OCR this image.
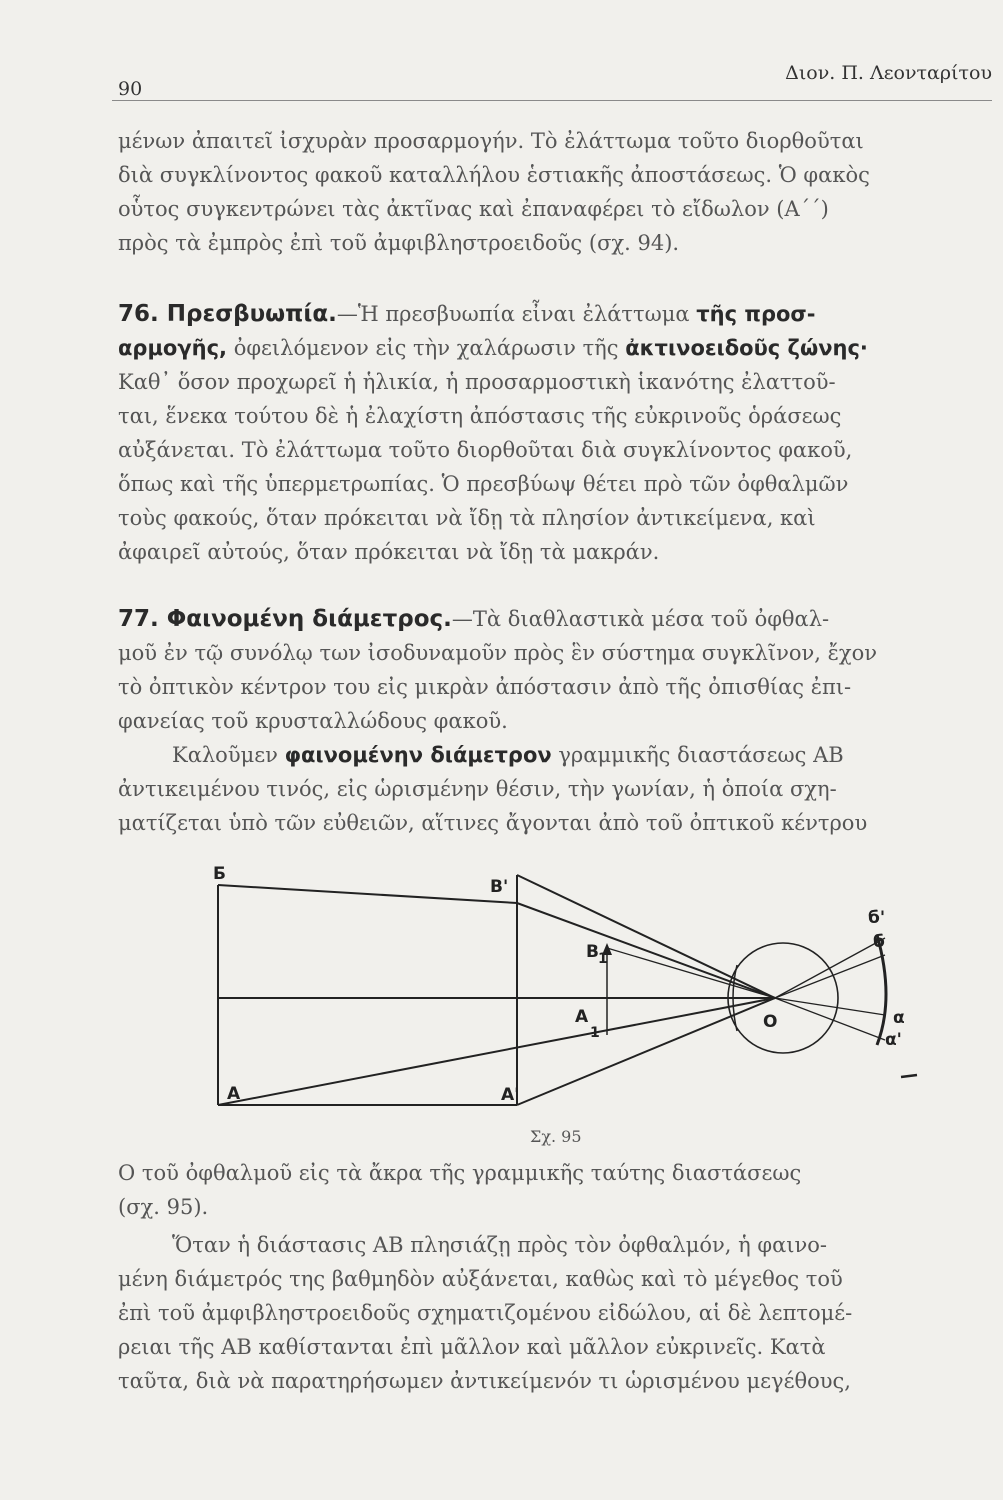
90
Διον. Π. Λεονταρίτου
μένων ἀπαιτεῖ ἰσχυρὰν προσαρμογήν. Τὸ ἐλάττωμα τοῦτο διορθοῦται
διὰ συγκλίνοντος φακοῦ καταλλήλου ἑστιακῆς ἀποστάσεως. Ὁ φακὸς
οὗτος συγκεντρώνει τὰς ἀκτῖνας καὶ ἐπαναφέρει τὸ εἴδωλον (Α΄΄)
πρὸς τὰ ἐμπρὸς ἐπὶ τοῦ ἀμφιβληστροειδοῦς (σχ. 94).
76. Πρεσβυωπία.—Ἡ πρεσβυωπία εἶναι ἐλάττωμα τῆς προσ-
αρμογῆς, ὀφειλόμενον εἰς τὴν χαλάρωσιν τῆς ἀκτινοειδοῦς ζώνης·
Καθ᾽ ὅσον προχωρεῖ ἡ ἡλικία, ἡ προσαρμοστικὴ ἱκανότης ἐλαττοῦ-
ται, ἕνεκα τούτου δὲ ἡ ἐλαχίστη ἀπόστασις τῆς εὐκρινοῦς ὁράσεως
αὐξάνεται. Τὸ ἐλάττωμα τοῦτο διορθοῦται διὰ συγκλίνοντος φακοῦ,
ὅπως καὶ τῆς ὑπερμετρωπίας. Ὁ πρεσβύωψ θέτει πρὸ τῶν ὀφθαλμῶν
τοὺς φακούς, ὅταν πρόκειται νὰ ἴδῃ τὰ πλησίον ἀντικείμενα, καὶ
ἀφαιρεῖ αὐτούς, ὅταν πρόκειται νὰ ἴδῃ τὰ μακράν.
77. Φαινομένη διάμετρος.—Τὰ διαθλαστικὰ μέσα τοῦ ὀφθαλ-
μοῦ ἐν τῷ συνόλῳ των ἰσοδυναμοῦν πρὸς ἓν σύστημα συγκλῖνον, ἔχον
τὸ ὀπτικὸν κέντρον του εἰς μικρὰν ἀπόστασιν ἀπὸ τῆς ὀπισθίας ἐπι-
φανείας τοῦ κρυσταλλώδους φακοῦ.
Καλοῦμεν φαινομένην διάμετρον γραμμικῆς διαστάσεως ΑΒ
ἀντικειμένου τινός, εἰς ὡρισμένην θέσιν, τὴν γωνίαν, ἡ ὁποία σχη-
ματίζεται ὑπὸ τῶν εὐθειῶν, αἵτινες ἄγονται ἀπὸ τοῦ ὀπτικοῦ κέντρου
Ƃ
A
B'
A'
B 1
A
1
O
б'
б
α
α'
Σχ. 95
Ο τοῦ ὀφθαλμοῦ εἰς τὰ ἄκρα τῆς γραμμικῆς ταύτης διαστάσεως
(σχ. 95).
Ὅταν ἡ διάστασις ΑΒ πλησιάζῃ πρὸς τὸν ὀφθαλμόν, ἡ φαινο-
μένη διάμετρός της βαθμηδὸν αὐξάνεται, καθὼς καὶ τὸ μέγεθος τοῦ
ἐπὶ τοῦ ἀμφιβληστροειδοῦς σχηματιζομένου εἰδώλου, αἱ δὲ λεπτομέ-
ρειαι τῆς ΑΒ καθίστανται ἐπὶ μᾶλλον καὶ μᾶλλον εὐκρινεῖς. Κατὰ
ταῦτα, διὰ νὰ παρατηρήσωμεν ἀντικείμενόν τι ὡρισμένου μεγέθους,
